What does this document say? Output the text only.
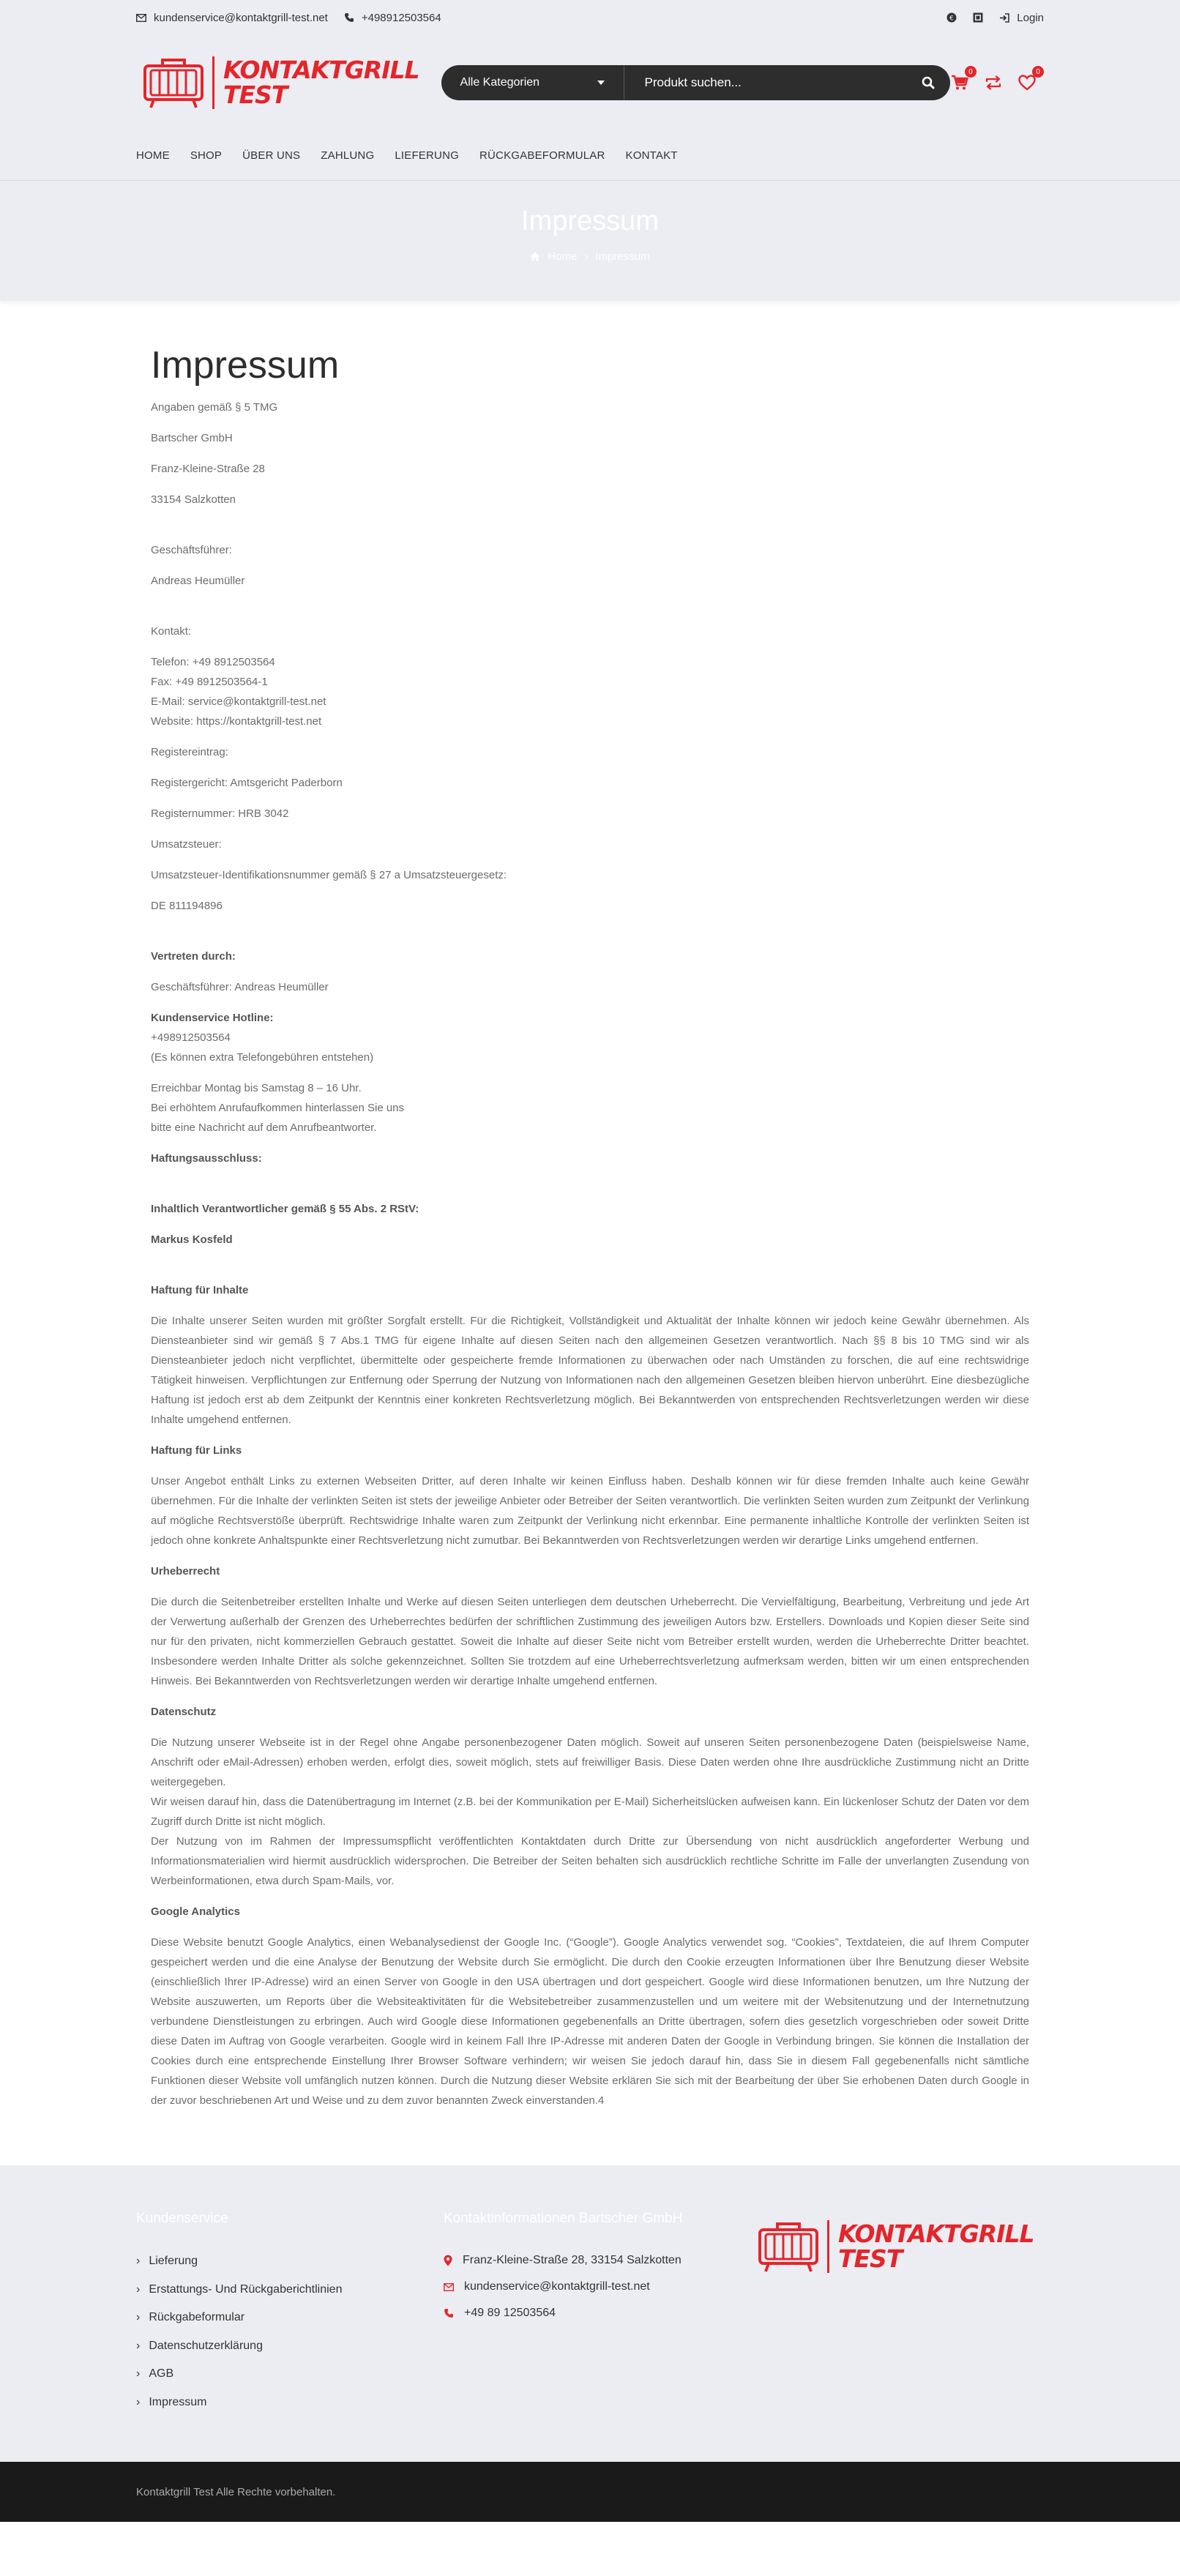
kundenservice@kontaktgrill-test.net	+498912503564	€	Login
KONTAKTGRILL
TEST	Alle Kategorien
Produkt suchen...
0	0
HOME SHOP ÜBER UNS ZAHLUNG LIEFERUNG RÜCKGABEFORMULAR KONTAKT
Impressum
Home › Impressum
Impressum

Angaben gemäß § 5 TMG

Bartscher GmbH

Franz-Kleine-Straße 28

33154 Salzkotten

Geschäftsführer:

Andreas Heumüller

Kontakt:

Telefon: +49 8912503564
Fax: +49 8912503564-1
E-Mail: service@kontaktgrill-test.net
Website: https://kontaktgrill-test.net

Registereintrag:

Registergericht: Amtsgericht Paderborn

Registernummer: HRB 3042

Umsatzsteuer:

Umsatzsteuer-Identifikationsnummer gemäß § 27 a Umsatzsteuergesetz:

DE 811194896

Vertreten durch:

Geschäftsführer: Andreas Heumüller

Kundenservice Hotline:
+498912503564
(Es können extra Telefongebühren entstehen)

Erreichbar Montag bis Samstag 8 – 16 Uhr.
Bei erhöhtem Anrufaufkommen hinterlassen Sie uns
bitte eine Nachricht auf dem Anrufbeantworter.

Haftungsausschluss:

Inhaltlich Verantwortlicher gemäß § 55 Abs. 2 RStV:

Markus Kosfeld

Haftung für Inhalte

Die Inhalte unserer Seiten wurden mit größter Sorgfalt erstellt. Für die Richtigkeit, Vollständigkeit und Aktualität der Inhalte können wir jedoch keine Gewähr übernehmen. Als Diensteanbieter sind wir gemäß § 7 Abs.1 TMG für eigene Inhalte auf diesen Seiten nach den allgemeinen Gesetzen verantwortlich. Nach §§ 8 bis 10 TMG sind wir als Diensteanbieter jedoch nicht verpflichtet, übermittelte oder gespeicherte fremde Informationen zu überwachen oder nach Umständen zu forschen, die auf eine rechtswidrige Tätigkeit hinweisen. Verpflichtungen zur Entfernung oder Sperrung der Nutzung von Informationen nach den allgemeinen Gesetzen bleiben hiervon unberührt. Eine diesbezügliche Haftung ist jedoch erst ab dem Zeitpunkt der Kenntnis einer konkreten Rechtsverletzung möglich. Bei Bekanntwerden von entsprechenden Rechtsverletzungen werden wir diese Inhalte umgehend entfernen.

Haftung für Links

Unser Angebot enthält Links zu externen Webseiten Dritter, auf deren Inhalte wir keinen Einfluss haben. Deshalb können wir für diese fremden Inhalte auch keine Gewähr übernehmen. Für die Inhalte der verlinkten Seiten ist stets der jeweilige Anbieter oder Betreiber der Seiten verantwortlich. Die verlinkten Seiten wurden zum Zeitpunkt der Verlinkung auf mögliche Rechtsverstöße überprüft. Rechtswidrige Inhalte waren zum Zeitpunkt der Verlinkung nicht erkennbar. Eine permanente inhaltliche Kontrolle der verlinkten Seiten ist jedoch ohne konkrete Anhaltspunkte einer Rechtsverletzung nicht zumutbar. Bei Bekanntwerden von Rechtsverletzungen werden wir derartige Links umgehend entfernen.

Urheberrecht

Die durch die Seitenbetreiber erstellten Inhalte und Werke auf diesen Seiten unterliegen dem deutschen Urheberrecht. Die Vervielfältigung, Bearbeitung, Verbreitung und jede Art der Verwertung außerhalb der Grenzen des Urheberrechtes bedürfen der schriftlichen Zustimmung des jeweiligen Autors bzw. Erstellers. Downloads und Kopien dieser Seite sind nur für den privaten, nicht kommerziellen Gebrauch gestattet. Soweit die Inhalte auf dieser Seite nicht vom Betreiber erstellt wurden, werden die Urheberrechte Dritter beachtet. Insbesondere werden Inhalte Dritter als solche gekennzeichnet. Sollten Sie trotzdem auf eine Urheberrechtsverletzung aufmerksam werden, bitten wir um einen entsprechenden Hinweis. Bei Bekanntwerden von Rechtsverletzungen werden wir derartige Inhalte umgehend entfernen.

Datenschutz

Die Nutzung unserer Webseite ist in der Regel ohne Angabe personenbezogener Daten möglich. Soweit auf unseren Seiten personenbezogene Daten (beispielsweise Name, Anschrift oder eMail-Adressen) erhoben werden, erfolgt dies, soweit möglich, stets auf freiwilliger Basis. Diese Daten werden ohne Ihre ausdrückliche Zustimmung nicht an Dritte weitergegeben.

Wir weisen darauf hin, dass die Datenübertragung im Internet (z.B. bei der Kommunikation per E-Mail) Sicherheitslücken aufweisen kann. Ein lückenloser Schutz der Daten vor dem Zugriff durch Dritte ist nicht möglich.

Der Nutzung von im Rahmen der Impressumspflicht veröffentlichten Kontaktdaten durch Dritte zur Übersendung von nicht ausdrücklich angeforderter Werbung und Informationsmaterialien wird hiermit ausdrücklich widersprochen. Die Betreiber der Seiten behalten sich ausdrücklich rechtliche Schritte im Falle der unverlangten Zusendung von Werbeinformationen, etwa durch Spam-Mails, vor.

Google Analytics

Diese Website benutzt Google Analytics, einen Webanalysedienst der Google Inc. (“Google”). Google Analytics verwendet sog. “Cookies”, Textdateien, die auf Ihrem Computer gespeichert werden und die eine Analyse der Benutzung der Website durch Sie ermöglicht. Die durch den Cookie erzeugten Informationen über Ihre Benutzung dieser Website (einschließlich Ihrer IP-Adresse) wird an einen Server von Google in den USA übertragen und dort gespeichert. Google wird diese Informationen benutzen, um Ihre Nutzung der Website auszuwerten, um Reports über die Websiteaktivitäten für die Websitebetreiber zusammenzustellen und um weitere mit der Websitenutzung und der Internetnutzung verbundene Dienstleistungen zu erbringen. Auch wird Google diese Informationen gegebenenfalls an Dritte übertragen, sofern dies gesetzlich vorgeschrieben oder soweit Dritte diese Daten im Auftrag von Google verarbeiten. Google wird in keinem Fall Ihre IP-Adresse mit anderen Daten der Google in Verbindung bringen. Sie können die Installation der Cookies durch eine entsprechende Einstellung Ihrer Browser Software verhindern; wir weisen Sie jedoch darauf hin, dass Sie in diesem Fall gegebenenfalls nicht sämtliche Funktionen dieser Website voll umfänglich nutzen können. Durch die Nutzung dieser Website erklären Sie sich mit der Bearbeitung der über Sie erhobenen Daten durch Google in der zuvor beschriebenen Art und Weise und zu dem zuvor benannten Zweck einverstanden.4

Kundenservice
› Lieferung
› Erstattungs- Und Rückgaberichtlinien
› Rückgabeformular
› Datenschutzerklärung
› AGB
› Impressum
Kontaktinformationen Bartscher GmbH
Franz-Kleine-Straße 28, 33154 Salzkotten
kundenservice@kontaktgrill-test.net
+49 89 12503564
KONTAKTGRILL
TEST
Kontaktgrill Test Alle Rechte vorbehalten.
